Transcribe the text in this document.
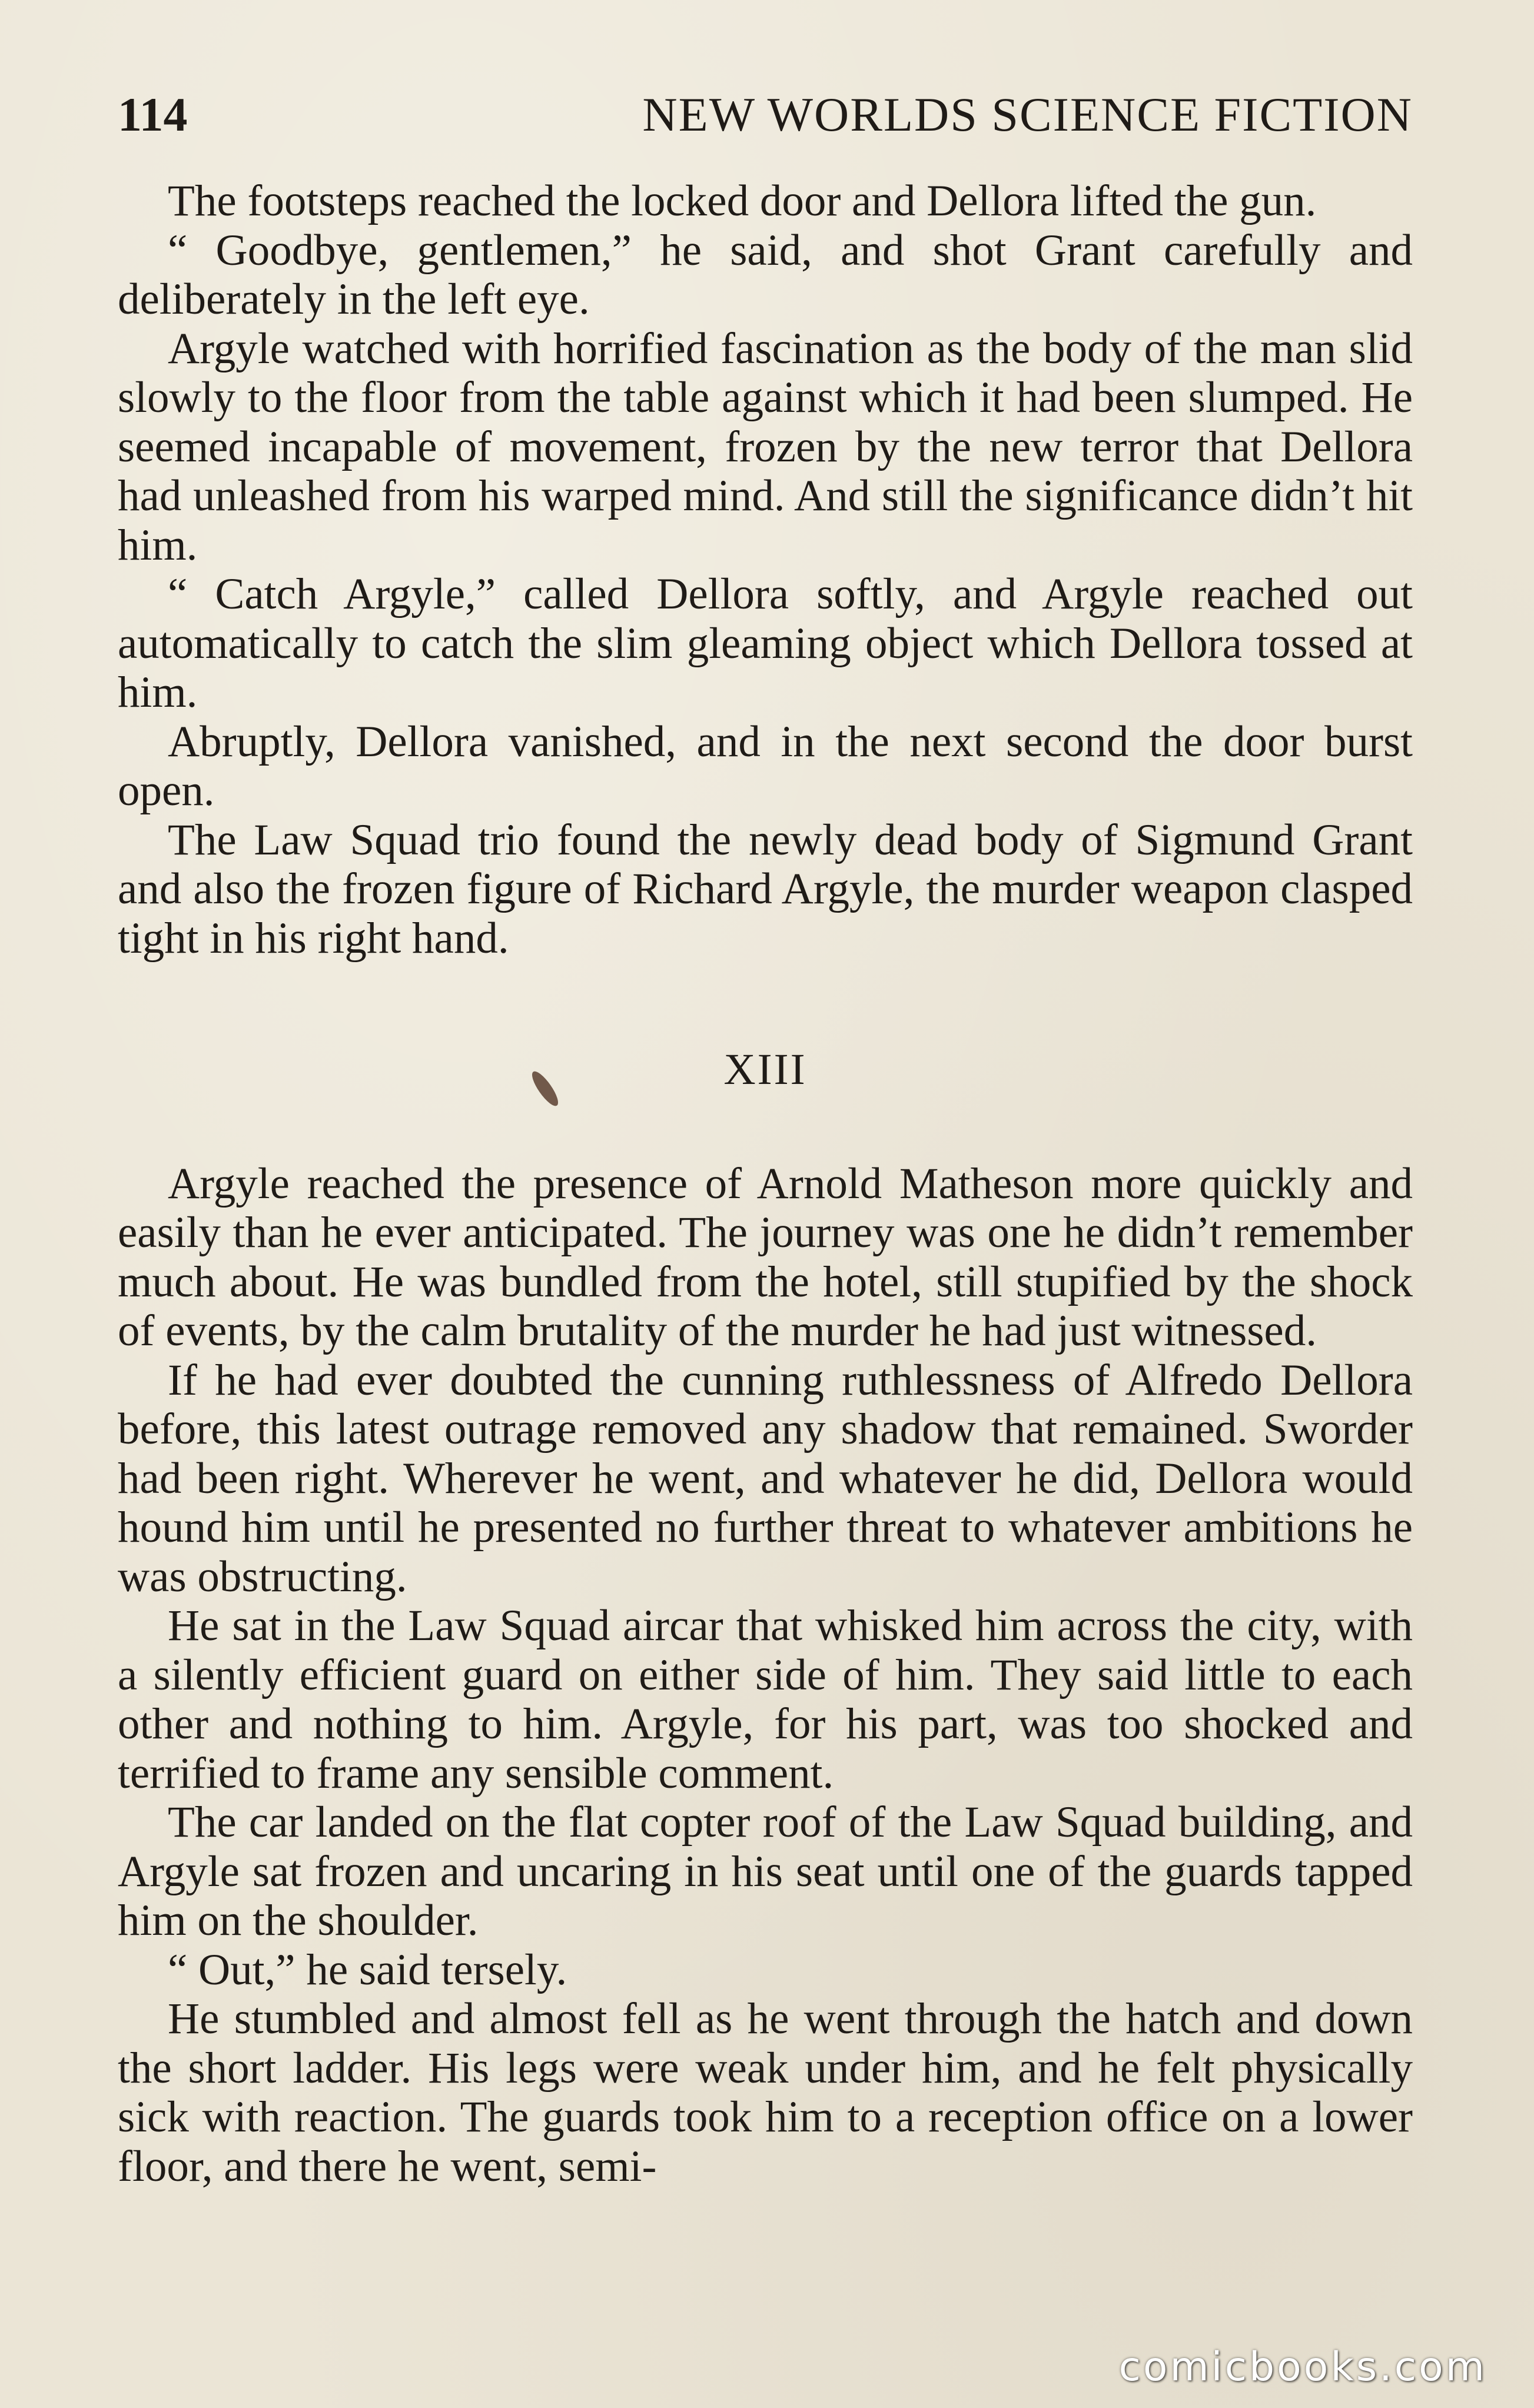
114	NEW WORLDS SCIENCE FICTION

The footsteps reached the locked door and Dellora lifted the gun.

“ Goodbye, gentlemen,” he said, and shot Grant carefully and deliberately in the left eye.

Argyle watched with horrified fascination as the body of the man slid slowly to the floor from the table against which it had been slumped. He seemed incapable of movement, frozen by the new terror that Dellora had unleashed from his warped mind. And still the significance didn’t hit him.

“ Catch Argyle,” called Dellora softly, and Argyle reached out automatically to catch the slim gleaming object which Dellora tossed at him.

Abruptly, Dellora vanished, and in the next second the door burst open.

The Law Squad trio found the newly dead body of Sigmund Grant and also the frozen figure of Richard Argyle, the murder weapon clasped tight in his right hand.

XIII

Argyle reached the presence of Arnold Matheson more quickly and easily than he ever anticipated. The journey was one he didn’t remember much about. He was bundled from the hotel, still stupified by the shock of events, by the calm brutality of the murder he had just witnessed.

If he had ever doubted the cunning ruthlessness of Alfredo Dellora before, this latest outrage removed any shadow that remained. Sworder had been right. Wherever he went, and whatever he did, Dellora would hound him until he presented no further threat to whatever ambitions he was obstructing.

He sat in the Law Squad aircar that whisked him across the city, with a silently efficient guard on either side of him. They said little to each other and nothing to him. Argyle, for his part, was too shocked and terrified to frame any sensible comment.

The car landed on the flat copter roof of the Law Squad building, and Argyle sat frozen and uncaring in his seat until one of the guards tapped him on the shoulder.

“ Out,” he said tersely.

He stumbled and almost fell as he went through the hatch and down the short ladder. His legs were weak under him, and he felt physically sick with reaction. The guards took him to a reception office on a lower floor, and there he went, semi-

comicbooks.com
